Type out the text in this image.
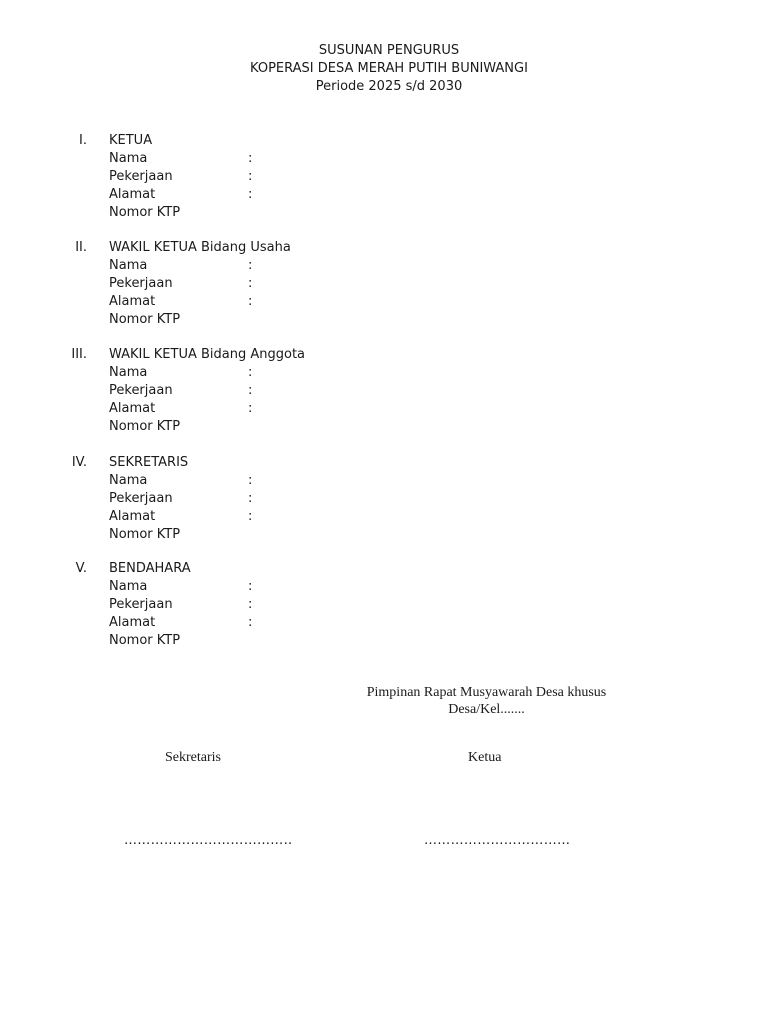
SUSUNAN PENGURUS
KOPERASI DESA MERAH PUTIH BUNIWANGI
Periode 2025 s/d 2030
I. KETUA
Nama	:
Pekerjaan	:
Alamat	:
Nomor KTP
II. WAKIL KETUA Bidang Usaha
Nama	:
Pekerjaan	:
Alamat	:
Nomor KTP
III. WAKIL KETUA Bidang Anggota
Nama	:
Pekerjaan	:
Alamat	:
Nomor KTP
IV. SEKRETARIS
Nama	:
Pekerjaan	:
Alamat	:
Nomor KTP
V. BENDAHARA
Nama	:
Pekerjaan	:
Alamat	:
Nomor KTP
Pimpinan Rapat Musyawarah Desa khusus
Desa/Kel.......
Sekretaris	Ketua
………………………………..	……………………………
